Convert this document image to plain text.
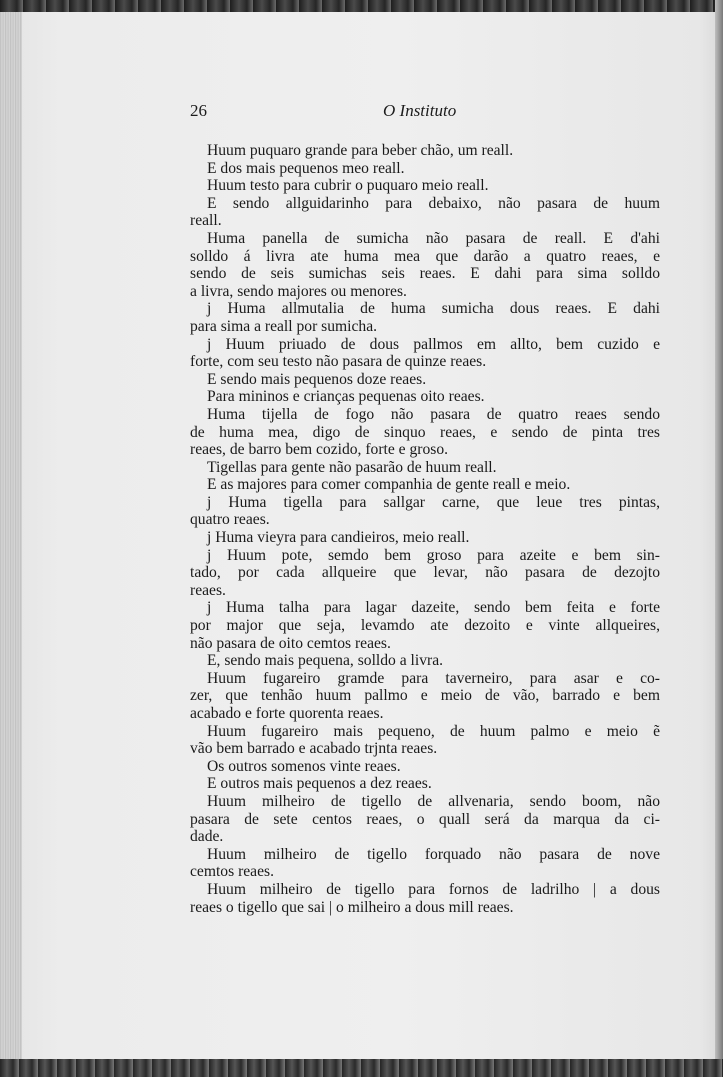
26	O Instituto
Huum puquaro grande para beber chão, um reall.
E dos mais pequenos meo reall.
Huum testo para cubrir o puquaro meio reall.
E sendo allguidarinho para debaixo, não pasara de huum
reall.
Huma panella de sumicha não pasara de reall. E d'ahi
solldo á livra ate huma mea que darão a quatro reaes, e
sendo de seis sumichas seis reaes. E dahi para sima solldo
a livra, sendo majores ou menores.
j Huma allmutalia de huma sumicha dous reaes. E dahi
para sima a reall por sumicha.
j Huum priuado de dous pallmos em allto, bem cuzido e
forte, com seu testo não pasara de quinze reaes.
E sendo mais pequenos doze reaes.
Para mininos e crianças pequenas oito reaes.
Huma tijella de fogo não pasara de quatro reaes sendo
de huma mea, digo de sinquo reaes, e sendo de pinta tres
reaes, de barro bem cozido, forte e groso.
Tigellas para gente não pasarão de huum reall.
E as majores para comer companhia de gente reall e meio.
j Huma tigella para sallgar carne, que leue tres pintas,
quatro reaes.
j Huma vieyra para candieiros, meio reall.
j Huum pote, semdo bem groso para azeite e bem sin-
tado, por cada allqueire que levar, não pasara de dezojto
reaes.
j Huma talha para lagar dazeite, sendo bem feita e forte
por major que seja, levamdo ate dezoito e vinte allqueires,
não pasara de oito cemtos reaes.
E, sendo mais pequena, solldo a livra.
Huum fugareiro gramde para taverneiro, para asar e co-
zer, que tenhão huum pallmo e meio de vão, barrado e bem
acabado e forte quorenta reaes.
Huum fugareiro mais pequeno, de huum palmo e meio ẽ
vão bem barrado e acabado trjnta reaes.
Os outros somenos vinte reaes.
E outros mais pequenos a dez reaes.
Huum milheiro de tigello de allvenaria, sendo boom, não
pasara de sete centos reaes, o quall será da marqua da ci-
dade.
Huum milheiro de tigello forquado não pasara de nove
cemtos reaes.
Huum milheiro de tigello para fornos de ladrilho | a dous
reaes o tigello que sai | o milheiro a dous mill reaes.
